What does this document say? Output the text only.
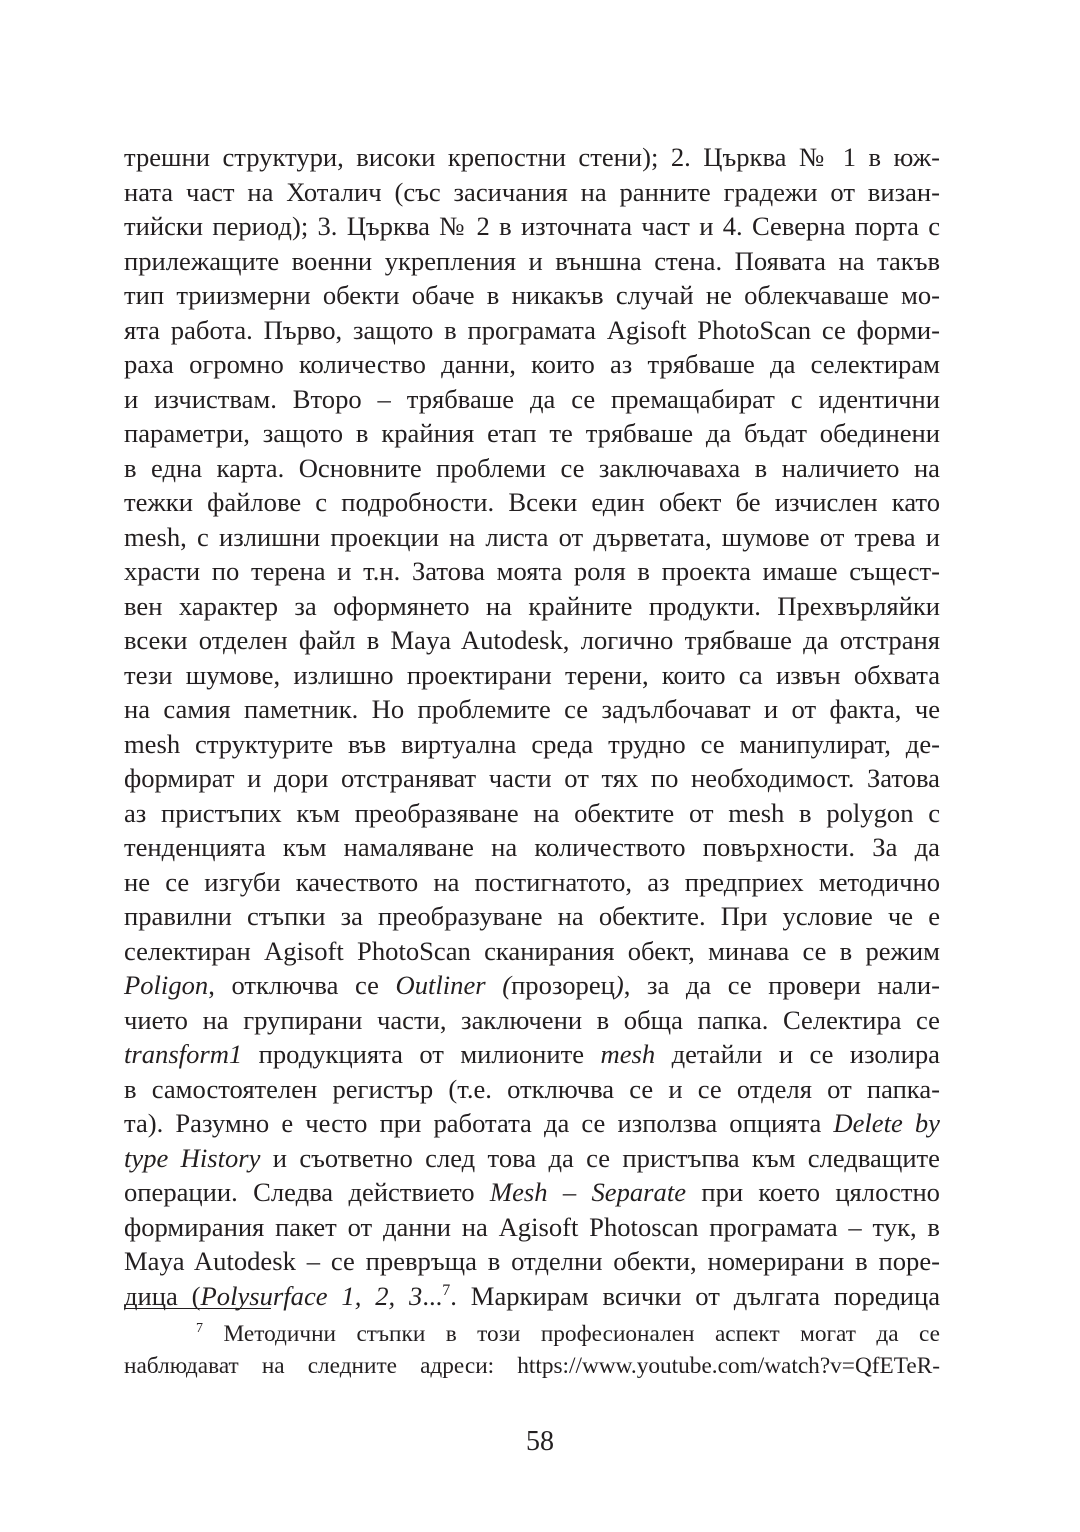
трешни структури, високи крепостни стени); 2. Църква № 1 в юж-
ната част на Хоталич (със засичания на ранните градежи от визан-
тийски период); 3. Църква № 2 в източната част и 4. Северна порта с
прилежащите военни укрепления и външна стена. Появата на такъв
тип триизмерни обекти обаче в никакъв случай не облекчаваше мо-
ята работа. Първо, защото в програмата Agisoft PhotoScan се форми-
раха огромно количество данни, които аз трябваше да селектирам
и изчиствам. Второ – трябваше да се премащабират с идентични
параметри, защото в крайния етап те трябваше да бъдат обединени
в една карта. Основните проблеми се заключаваха в наличието на
тежки файлове с подробности. Всеки един обект бе изчислен като
mesh, с излишни проекции на листа от дърветата, шумове от трева и
храсти по терена и т.н. Затова моята роля в проекта имаше същест-
вен характер за оформянето на крайните продукти. Прехвърляйки
всеки отделен файл в Maya Autodesk, логично трябваше да отстраня
тези шумове, излишно проектирани терени, които са извън обхвата
на самия паметник. Но проблемите се задълбочават и от факта, че
mesh структурите във виртуална среда трудно се манипулират, де-
формират и дори отстраняват части от тях по необходимост. Затова
аз пристъпих към преобразяване на обектите от mesh в polygon с
тенденцията към намаляване на количеството повърхности. За да
не се изгуби качеството на постигнатото, аз предприех методично
правилни стъпки за преобразуване на обектите. При условие че е
селектиран Agisoft PhotoScan сканирания обект, минава се в режим
Poligon, отключва се Outliner (прозорец), за да се провери нали-
чието на групирани части, заключени в обща папка. Селектира се
transform1 продукцията от милионите mesh детайли и се изолира
в самостоятелен регистър (т.е. отключва се и се отделя от папка-
та). Разумно е често при работата да се използва опцията Delete by
type History и съответно след това да се пристъпва към следващите
операции. Следва действието Mesh – Separate при което цялостно
формирания пакет от данни на Agisoft Photoscan програмата – тук, в
Maya Autodesk – се превръща в отделни обекти, номерирани в поре-
дица (Polysurface 1, 2, 3...$^7$. Маркирам всички от дългата поредица
$^7$ Методични стъпки в този професионален аспект могат да се
наблюдават на следните адреси: https://www.youtube.com/watch?v=QfETeR-
58
